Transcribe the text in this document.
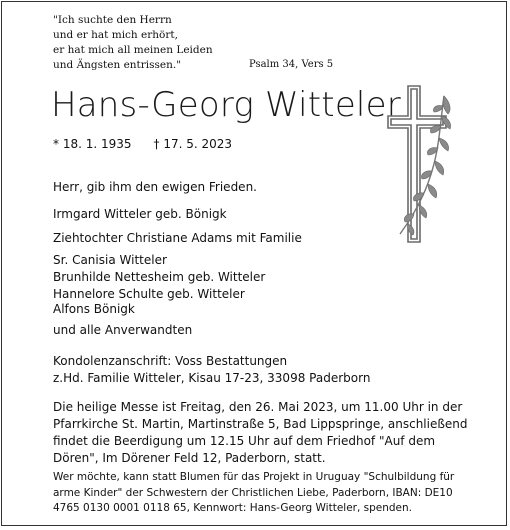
"Ich suchte den Herrn
und er hat mich erhört,
er hat mich all meinen Leiden
und Ängsten entrissen."	Psalm 34, Vers 5
Hans-Georg Witteler
* 18. 1. 1935 † 17. 5. 2023
Herr, gib ihm den ewigen Frieden.
Irmgard Witteler geb. Bönigk
Ziehtochter Christiane Adams mit Familie
Sr. Canisia Witteler
Brunhilde Nettesheim geb. Witteler
Hannelore Schulte geb. Witteler
Alfons Bönigk
und alle Anverwandten
Kondolenzanschrift: Voss Bestattungen
z.Hd. Familie Witteler, Kisau 17-23, 33098 Paderborn
Die heilige Messe ist Freitag, den 26. Mai 2023, um 11.00 Uhr in der
Pfarrkirche St. Martin, Martinstraße 5, Bad Lippspringe, anschließend
findet die Beerdigung um 12.15 Uhr auf dem Friedhof "Auf dem
Dören", Im Dörener Feld 12, Paderborn, statt.
Wer möchte, kann statt Blumen für das Projekt in Uruguay "Schulbildung für
arme Kinder" der Schwestern der Christlichen Liebe, Paderborn, IBAN: DE10
4765 0130 0001 0118 65, Kennwort: Hans-Georg Witteler, spenden.
